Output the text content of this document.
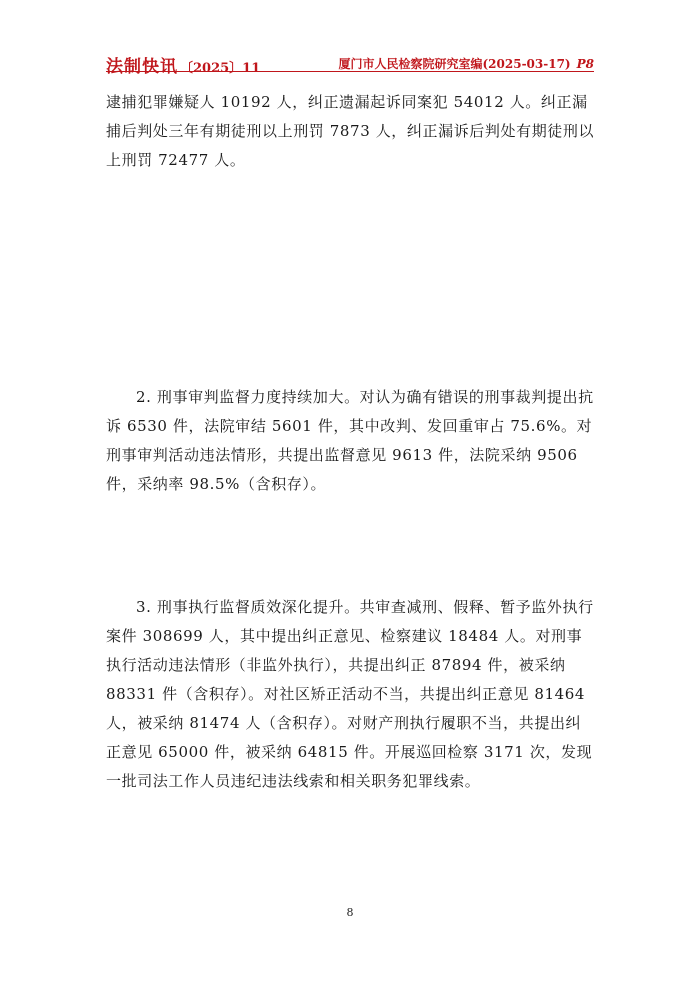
法制快讯 〔2025〕11	厦门市人民检察院研究室编(2025-03-17) P8

逮捕犯罪嫌疑人 10192 人，纠正遗漏起诉同案犯 54012 人。纠正漏捕后判处三年有期徒刑以上刑罚 7873 人，纠正漏诉后判处有期徒刑以上刑罚 72477 人。

2. 刑事审判监督力度持续加大。对认为确有错误的刑事裁判提出抗诉 6530 件，法院审结 5601 件，其中改判、发回重审占 75.6%。对刑事审判活动违法情形，共提出监督意见 9613 件，法院采纳 9506 件，采纳率 98.5%（含积存）。

3. 刑事执行监督质效深化提升。共审查减刑、假释、暂予监外执行案件 308699 人，其中提出纠正意见、检察建议 18484 人。对刑事执行活动违法情形（非监外执行），共提出纠正 87894 件，被采纳 88331 件（含积存）。对社区矫正活动不当，共提出纠正意见 81464 人，被采纳 81474 人（含积存）。对财产刑执行履职不当，共提出纠正意见 65000 件，被采纳 64815 件。开展巡回检察 3171 次，发现一批司法工作人员违纪违法线索和相关职务犯罪线索。

8
